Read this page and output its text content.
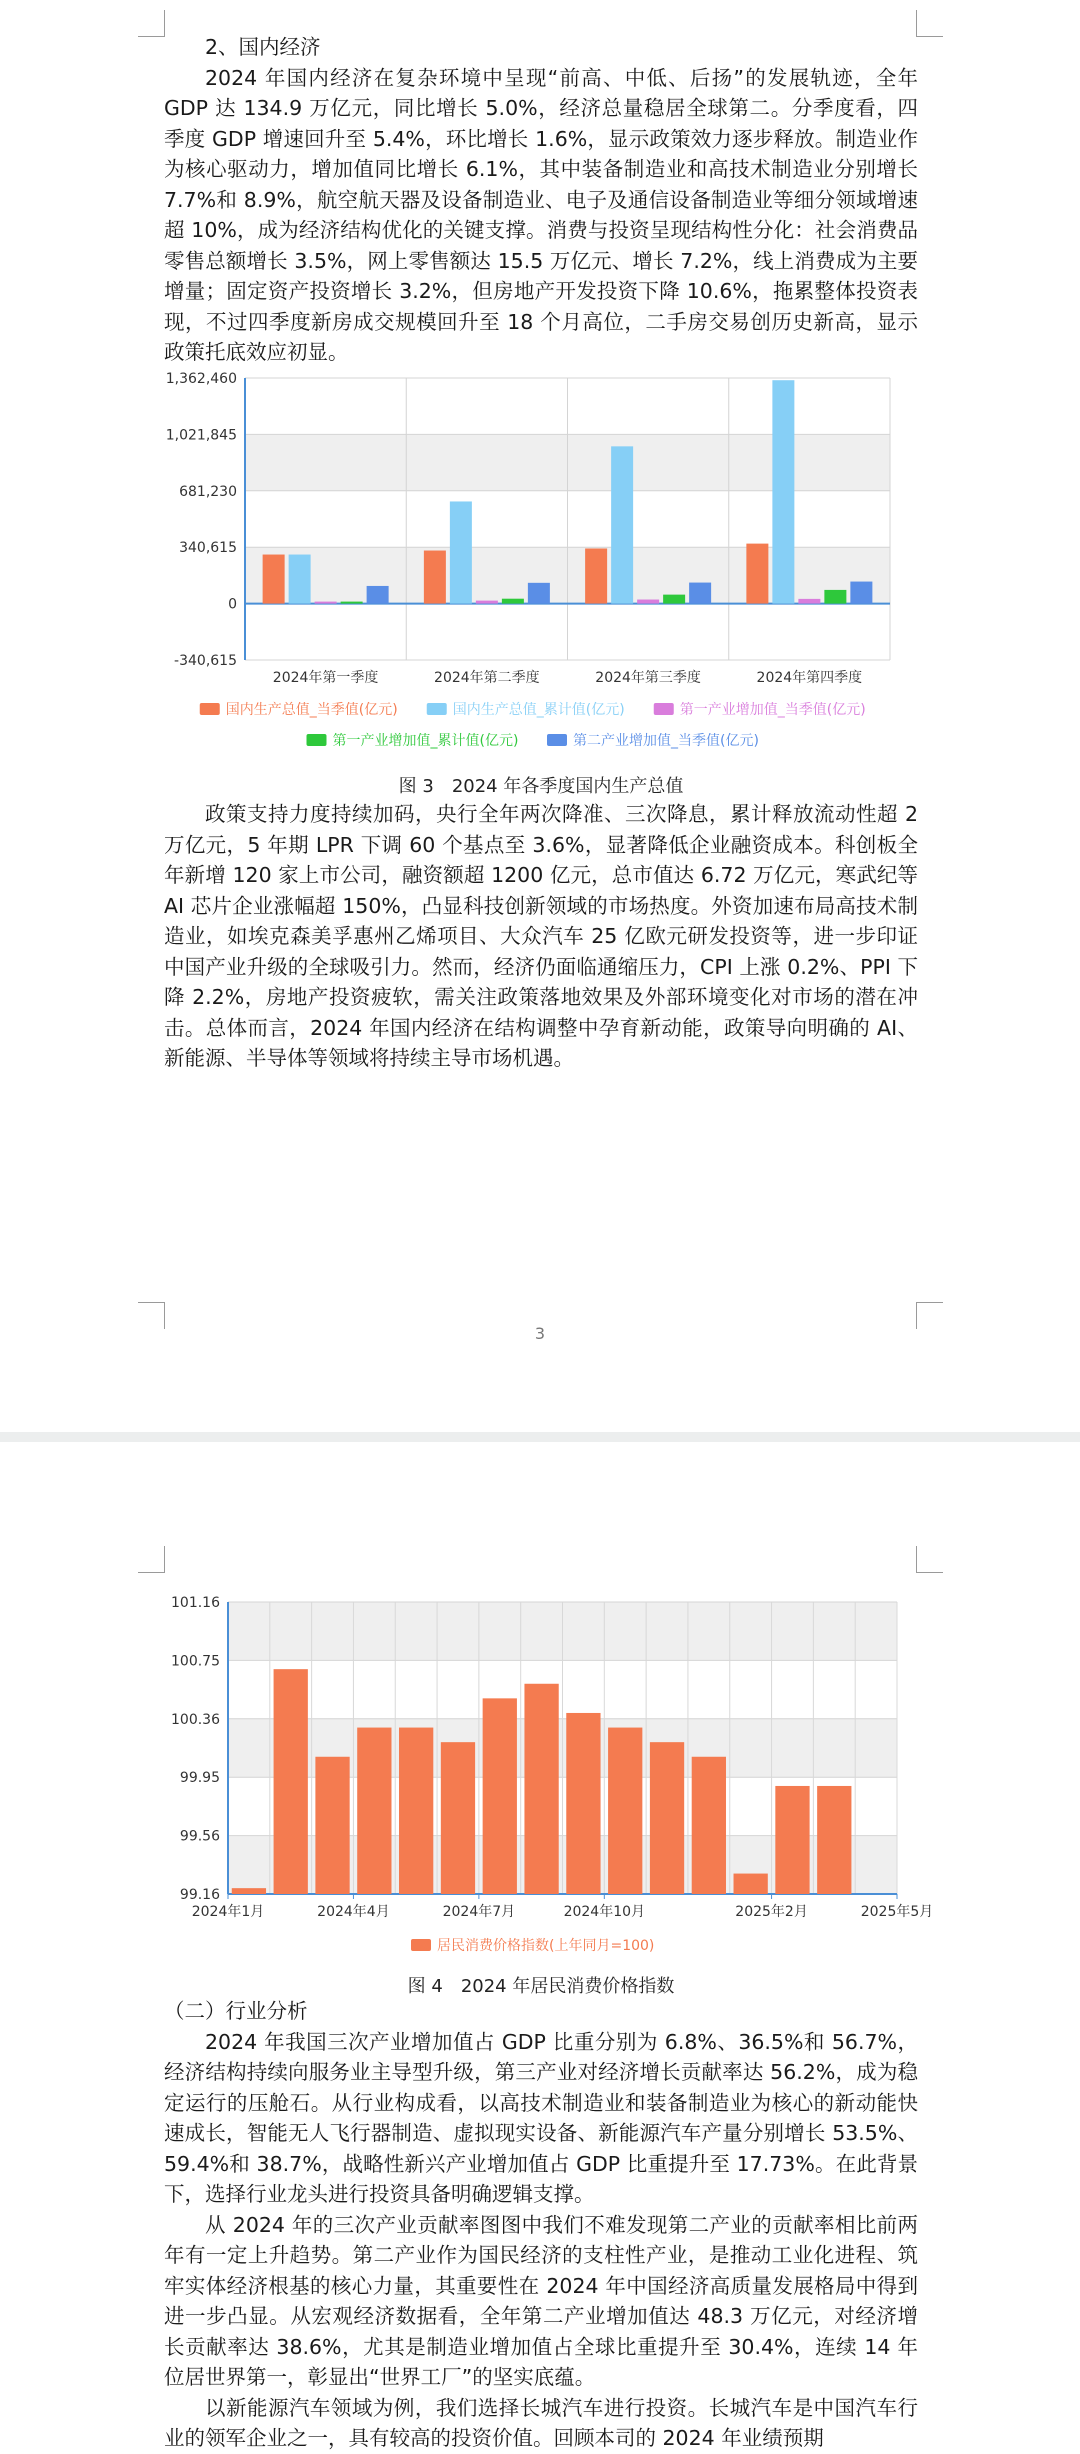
2、国内经济

2024 年国内经济在复杂环境中呈现“前高、中低、后扬”的发展轨迹，全年 GDP 达 134.9 万亿元，同比增长 5.0%，经济总量稳居全球第二。分季度看，四季度 GDP 增速回升至 5.4%，环比增长 1.6%，显示政策效力逐步释放。制造业作为核心驱动力，增加值同比增长 6.1%，其中装备制造业和高技术制造业分别增长 7.7%和 8.9%，航空航天器及设备制造业、电子及通信设备制造业等细分领域增速超 10%，成为经济结构优化的关键支撑。消费与投资呈现结构性分化：社会消费品零售总额增长 3.5%，网上零售额达 15.5 万亿元、增长 7.2%，线上消费成为主要增量；固定资产投资增长 3.2%，但房地产开发投资下降 10.6%，拖累整体投资表现，不过四季度新房成交规模回升至 18 个月高位，二手房交易创历史新高，显示政策托底效应初显。

1,362,460
1,021,845
681,230
340,615
0
-340,615
2024年第一季度	2024年第二季度	2024年第三季度	2024年第四季度
国内生产总值_当季值(亿元)	国内生产总值_累计值(亿元)	第一产业增加值_当季值(亿元)
第一产业增加值_累计值(亿元)	第二产业增加值_当季值(亿元)
图 3　2024 年各季度国内生产总值

政策支持力度持续加码，央行全年两次降准、三次降息，累计释放流动性超 2 万亿元，5 年期 LPR 下调 60 个基点至 3.6%，显著降低企业融资成本。科创板全年新增 120 家上市公司，融资额超 1200 亿元，总市值达 6.72 万亿元，寒武纪等 AI 芯片企业涨幅超 150%，凸显科技创新领域的市场热度。外资加速布局高技术制造业，如埃克森美孚惠州乙烯项目、大众汽车 25 亿欧元研发投资等，进一步印证中国产业升级的全球吸引力。然而，经济仍面临通缩压力，CPI 上涨 0.2%、PPI 下降 2.2%，房地产投资疲软，需关注政策落地效果及外部环境变化对市场的潜在冲击。总体而言，2024 年国内经济在结构调整中孕育新动能，政策导向明确的 AI、新能源、半导体等领域将持续主导市场机遇。

3
101.16
100.75
100.36
99.95
99.56
99.16
2024年1月	2024年4月	2024年7月	2024年10月	2025年2月	2025年5月
居民消费价格指数(上年同月=100)
图 4　2024 年居民消费价格指数

（二）行业分析

2024 年我国三次产业增加值占 GDP 比重分别为 6.8%、36.5%和 56.7%，经济结构持续向服务业主导型升级，第三产业对经济增长贡献率达 56.2%，成为稳定运行的压舱石。从行业构成看，以高技术制造业和装备制造业为核心的新动能快速成长，智能无人飞行器制造、虚拟现实设备、新能源汽车产量分别增长 53.5%、59.4%和 38.7%，战略性新兴产业增加值占 GDP 比重提升至 17.73%。在此背景下，选择行业龙头进行投资具备明确逻辑支撑。

从 2024 年的三次产业贡献率图图中我们不难发现第二产业的贡献率相比前两年有一定上升趋势。第二产业作为国民经济的支柱性产业，是推动工业化进程、筑牢实体经济根基的核心力量，其重要性在 2024 年中国经济高质量发展格局中得到进一步凸显。从宏观经济数据看，全年第二产业增加值达 48.3 万亿元，对经济增长贡献率达 38.6%，尤其是制造业增加值占全球比重提升至 30.4%，连续 14 年位居世界第一，彰显出“世界工厂”的坚实底蕴。

以新能源汽车领域为例，我们选择长城汽车进行投资。长城汽车是中国汽车行业的领军企业之一，具有较高的投资价值。回顾本司的 2024 年业绩预期
